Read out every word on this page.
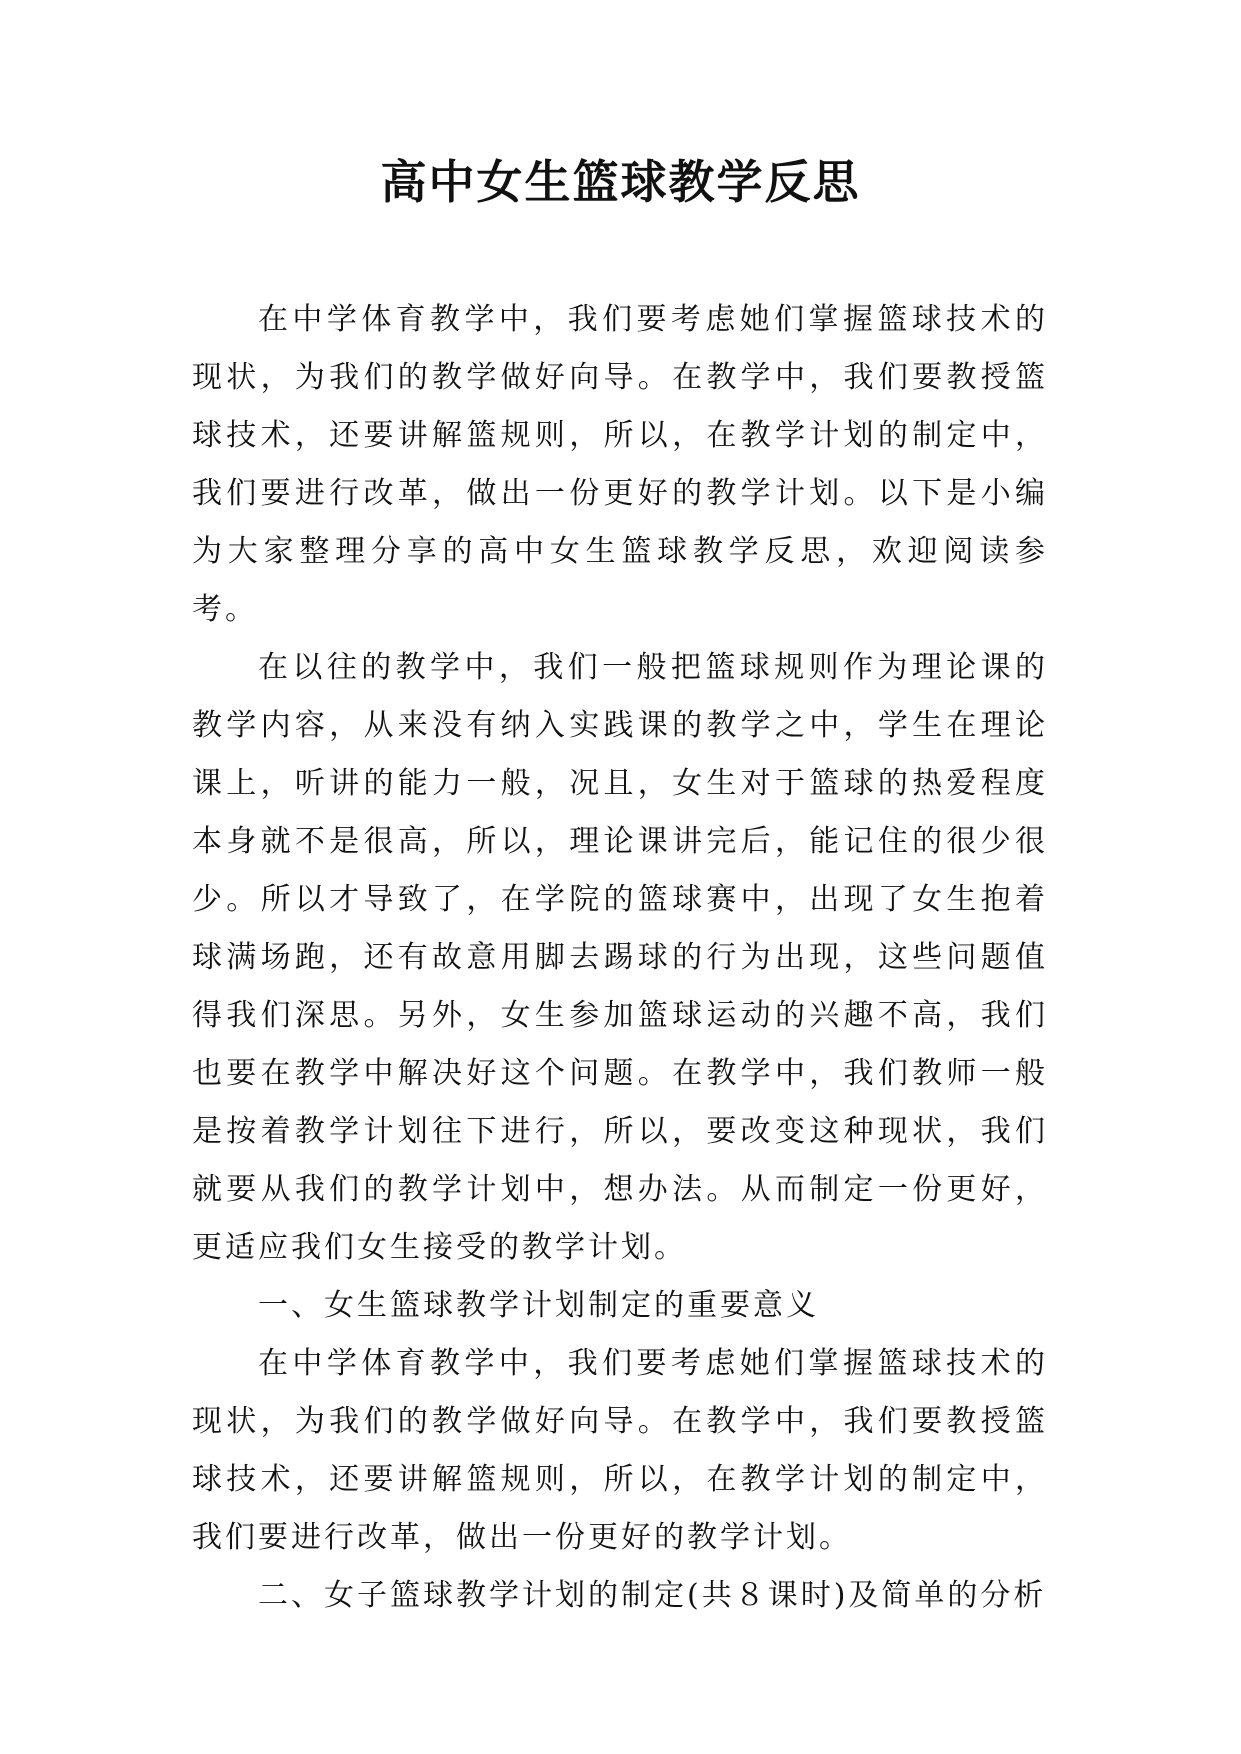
高中女生篮球教学反思

在中学体育教学中，我们要考虑她们掌握篮球技术的现状，为我们的教学做好向导。在教学中，我们要教授篮球技术，还要讲解篮规则，所以，在教学计划的制定中，我们要进行改革，做出一份更好的教学计划。以下是小编为大家整理分享的高中女生篮球教学反思，欢迎阅读参考。

在以往的教学中，我们一般把篮球规则作为理论课的教学内容，从来没有纳入实践课的教学之中，学生在理论课上，听讲的能力一般，况且，女生对于篮球的热爱程度本身就不是很高，所以，理论课讲完后，能记住的很少很少。所以才导致了，在学院的篮球赛中，出现了女生抱着球满场跑，还有故意用脚去踢球的行为出现，这些问题值得我们深思。另外，女生参加篮球运动的兴趣不高，我们也要在教学中解决好这个问题。在教学中，我们教师一般是按着教学计划往下进行，所以，要改变这种现状，我们就要从我们的教学计划中，想办法。从而制定一份更好，更适应我们女生接受的教学计划。

一、女生篮球教学计划制定的重要意义

在中学体育教学中，我们要考虑她们掌握篮球技术的现状，为我们的教学做好向导。在教学中，我们要教授篮球技术，还要讲解篮规则，所以，在教学计划的制定中，我们要进行改革，做出一份更好的教学计划。

二、女子篮球教学计划的制定(共８课时)及简单的分析
